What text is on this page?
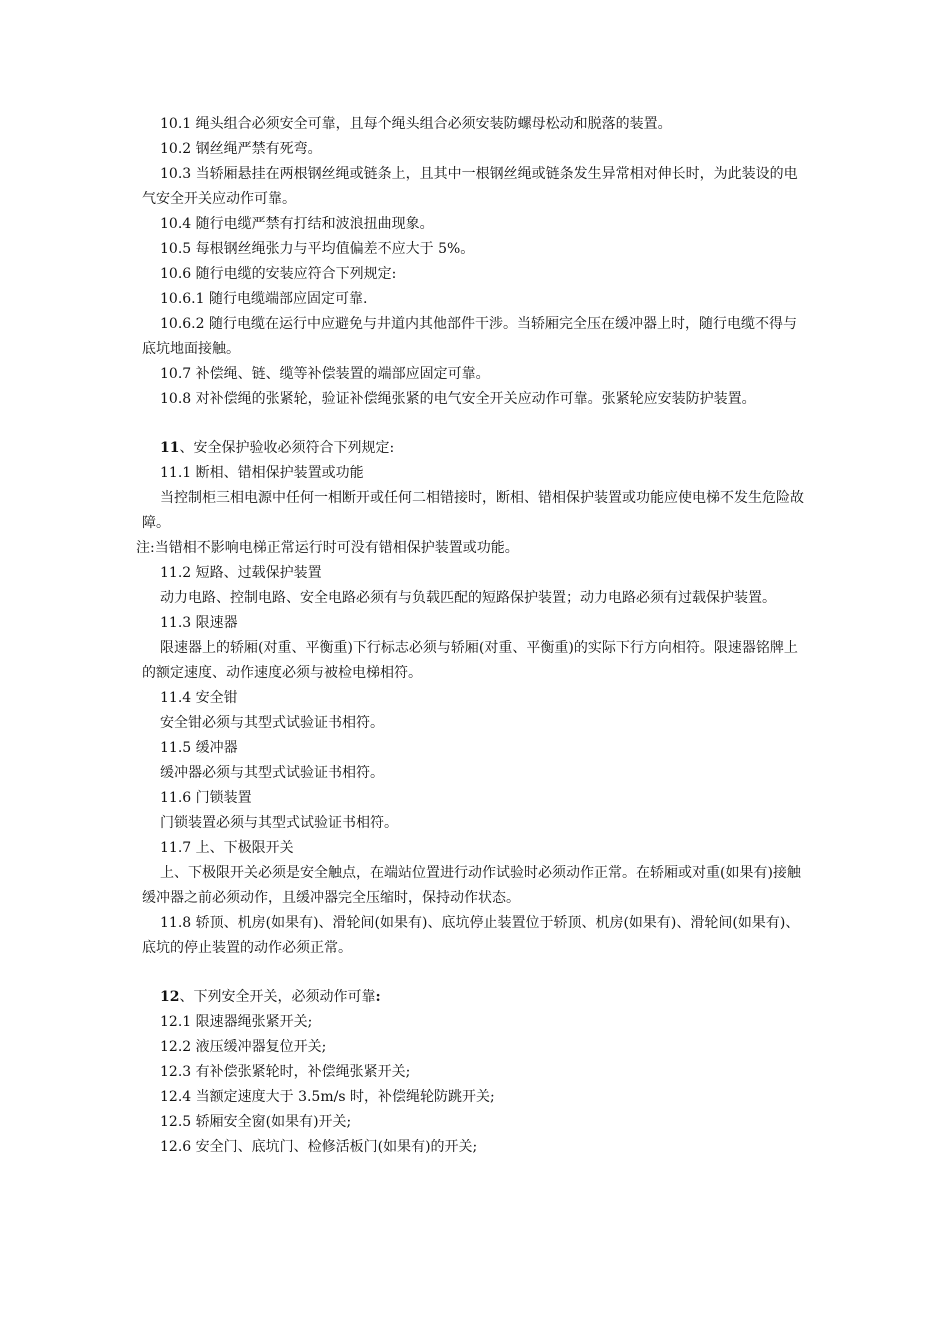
10.1 绳头组合必须安全可靠，且每个绳头组合必须安装防螺母松动和脱落的装置。

10.2 钢丝绳严禁有死弯。

10.3 当轿厢悬挂在两根钢丝绳或链条上，且其中一根钢丝绳或链条发生异常相对伸长时，为此装设的电气安全开关应动作可靠。

10.4 随行电缆严禁有打结和波浪扭曲现象。

10.5 每根钢丝绳张力与平均值偏差不应大于 5%。

10.6 随行电缆的安装应符合下列规定:

10.6.1 随行电缆端部应固定可靠.

10.6.2 随行电缆在运行中应避免与井道内其他部件干涉。当轿厢完全压在缓冲器上时，随行电缆不得与底坑地面接触。

10.7 补偿绳、链、缆等补偿装置的端部应固定可靠。

10.8 对补偿绳的张紧轮，验证补偿绳张紧的电气安全开关应动作可靠。张紧轮应安装防护装置。

11、安全保护验收必须符合下列规定:

11.1 断相、错相保护装置或功能

当控制柜三相电源中任何一相断开或任何二相错接时，断相、错相保护装置或功能应使电梯不发生危险故障。

注:当错相不影响电梯正常运行时可没有错相保护装置或功能。

11.2 短路、过载保护装置

动力电路、控制电路、安全电路必须有与负载匹配的短路保护装置；动力电路必须有过载保护装置。

11.3 限速器

限速器上的轿厢(对重、平衡重)下行标志必须与轿厢(对重、平衡重)的实际下行方向相符。限速器铭牌上的额定速度、动作速度必须与被检电梯相符。

11.4 安全钳

安全钳必须与其型式试验证书相符。

11.5 缓冲器

缓冲器必须与其型式试验证书相符。

11.6 门锁装置

门锁装置必须与其型式试验证书相符。

11.7 上、下极限开关

上、下极限开关必须是安全触点，在端站位置进行动作试验时必须动作正常。在轿厢或对重(如果有)接触缓冲器之前必须动作，且缓冲器完全压缩时，保持动作状态。

11.8 轿顶、机房(如果有)、滑轮间(如果有)、底坑停止装置位于轿顶、机房(如果有)、滑轮间(如果有)、底坑的停止装置的动作必须正常。

12、下列安全开关，必须动作可靠:

12.1 限速器绳张紧开关;

12.2 液压缓冲器复位开关;

12.3 有补偿张紧轮时，补偿绳张紧开关;

12.4 当额定速度大于 3.5m/s 时，补偿绳轮防跳开关;

12.5 轿厢安全窗(如果有)开关;

12.6 安全门、底坑门、检修活板门(如果有)的开关;
